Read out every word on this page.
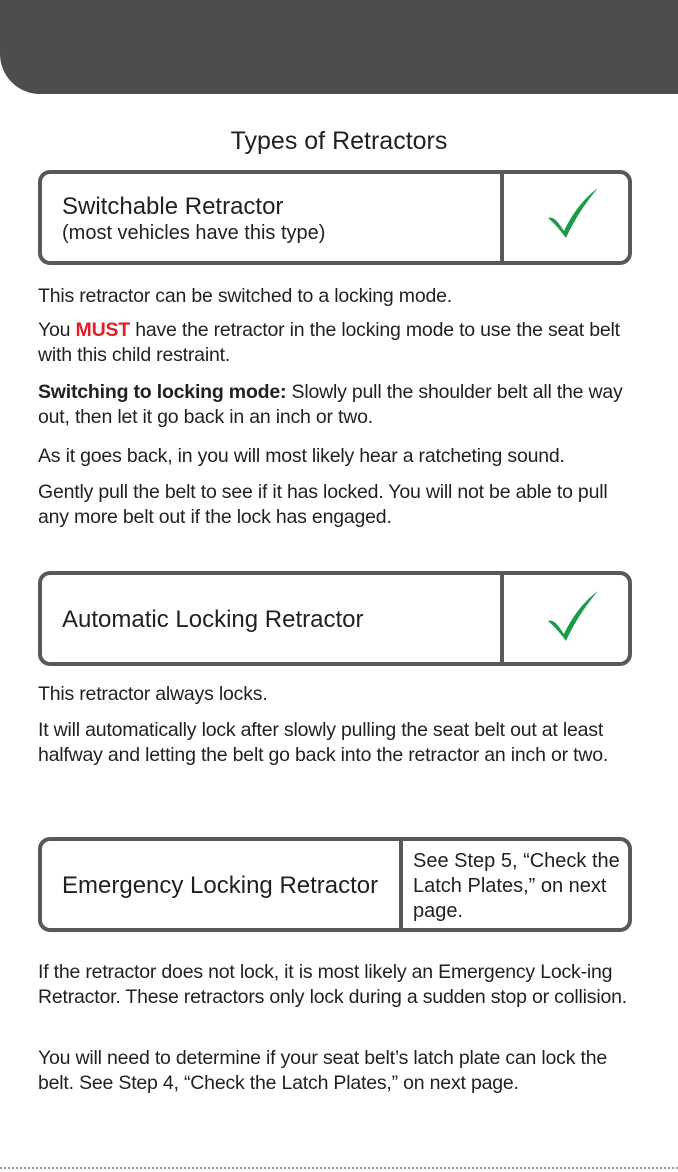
Types of Retractors
Switchable Retractor
(most vehicles have this type)

This retractor can be switched to a locking mode.

You MUST have the retractor in the locking mode to use the seat belt with this child restraint.

Switching to locking mode: Slowly pull the shoulder belt all the way out, then let it go back in an inch or two.

As it goes back, in you will most likely hear a ratcheting sound.

Gently pull the belt to see if it has locked. You will not be able to pull any more belt out if the lock has engaged.

Automatic Locking Retractor

This retractor always locks.

It will automatically lock after slowly pulling the seat belt out at least halfway and letting the belt go back into the retractor an inch or two.

Emergency Locking Retractor
See Step 5, “Check the Latch Plates,” on next page.

If the retractor does not lock, it is most likely an Emergency Lock-ing Retractor. These retractors only lock during a sudden stop or collision.

You will need to determine if your seat belt’s latch plate can lock the belt. See Step 4, “Check the Latch Plates,” on next page.
